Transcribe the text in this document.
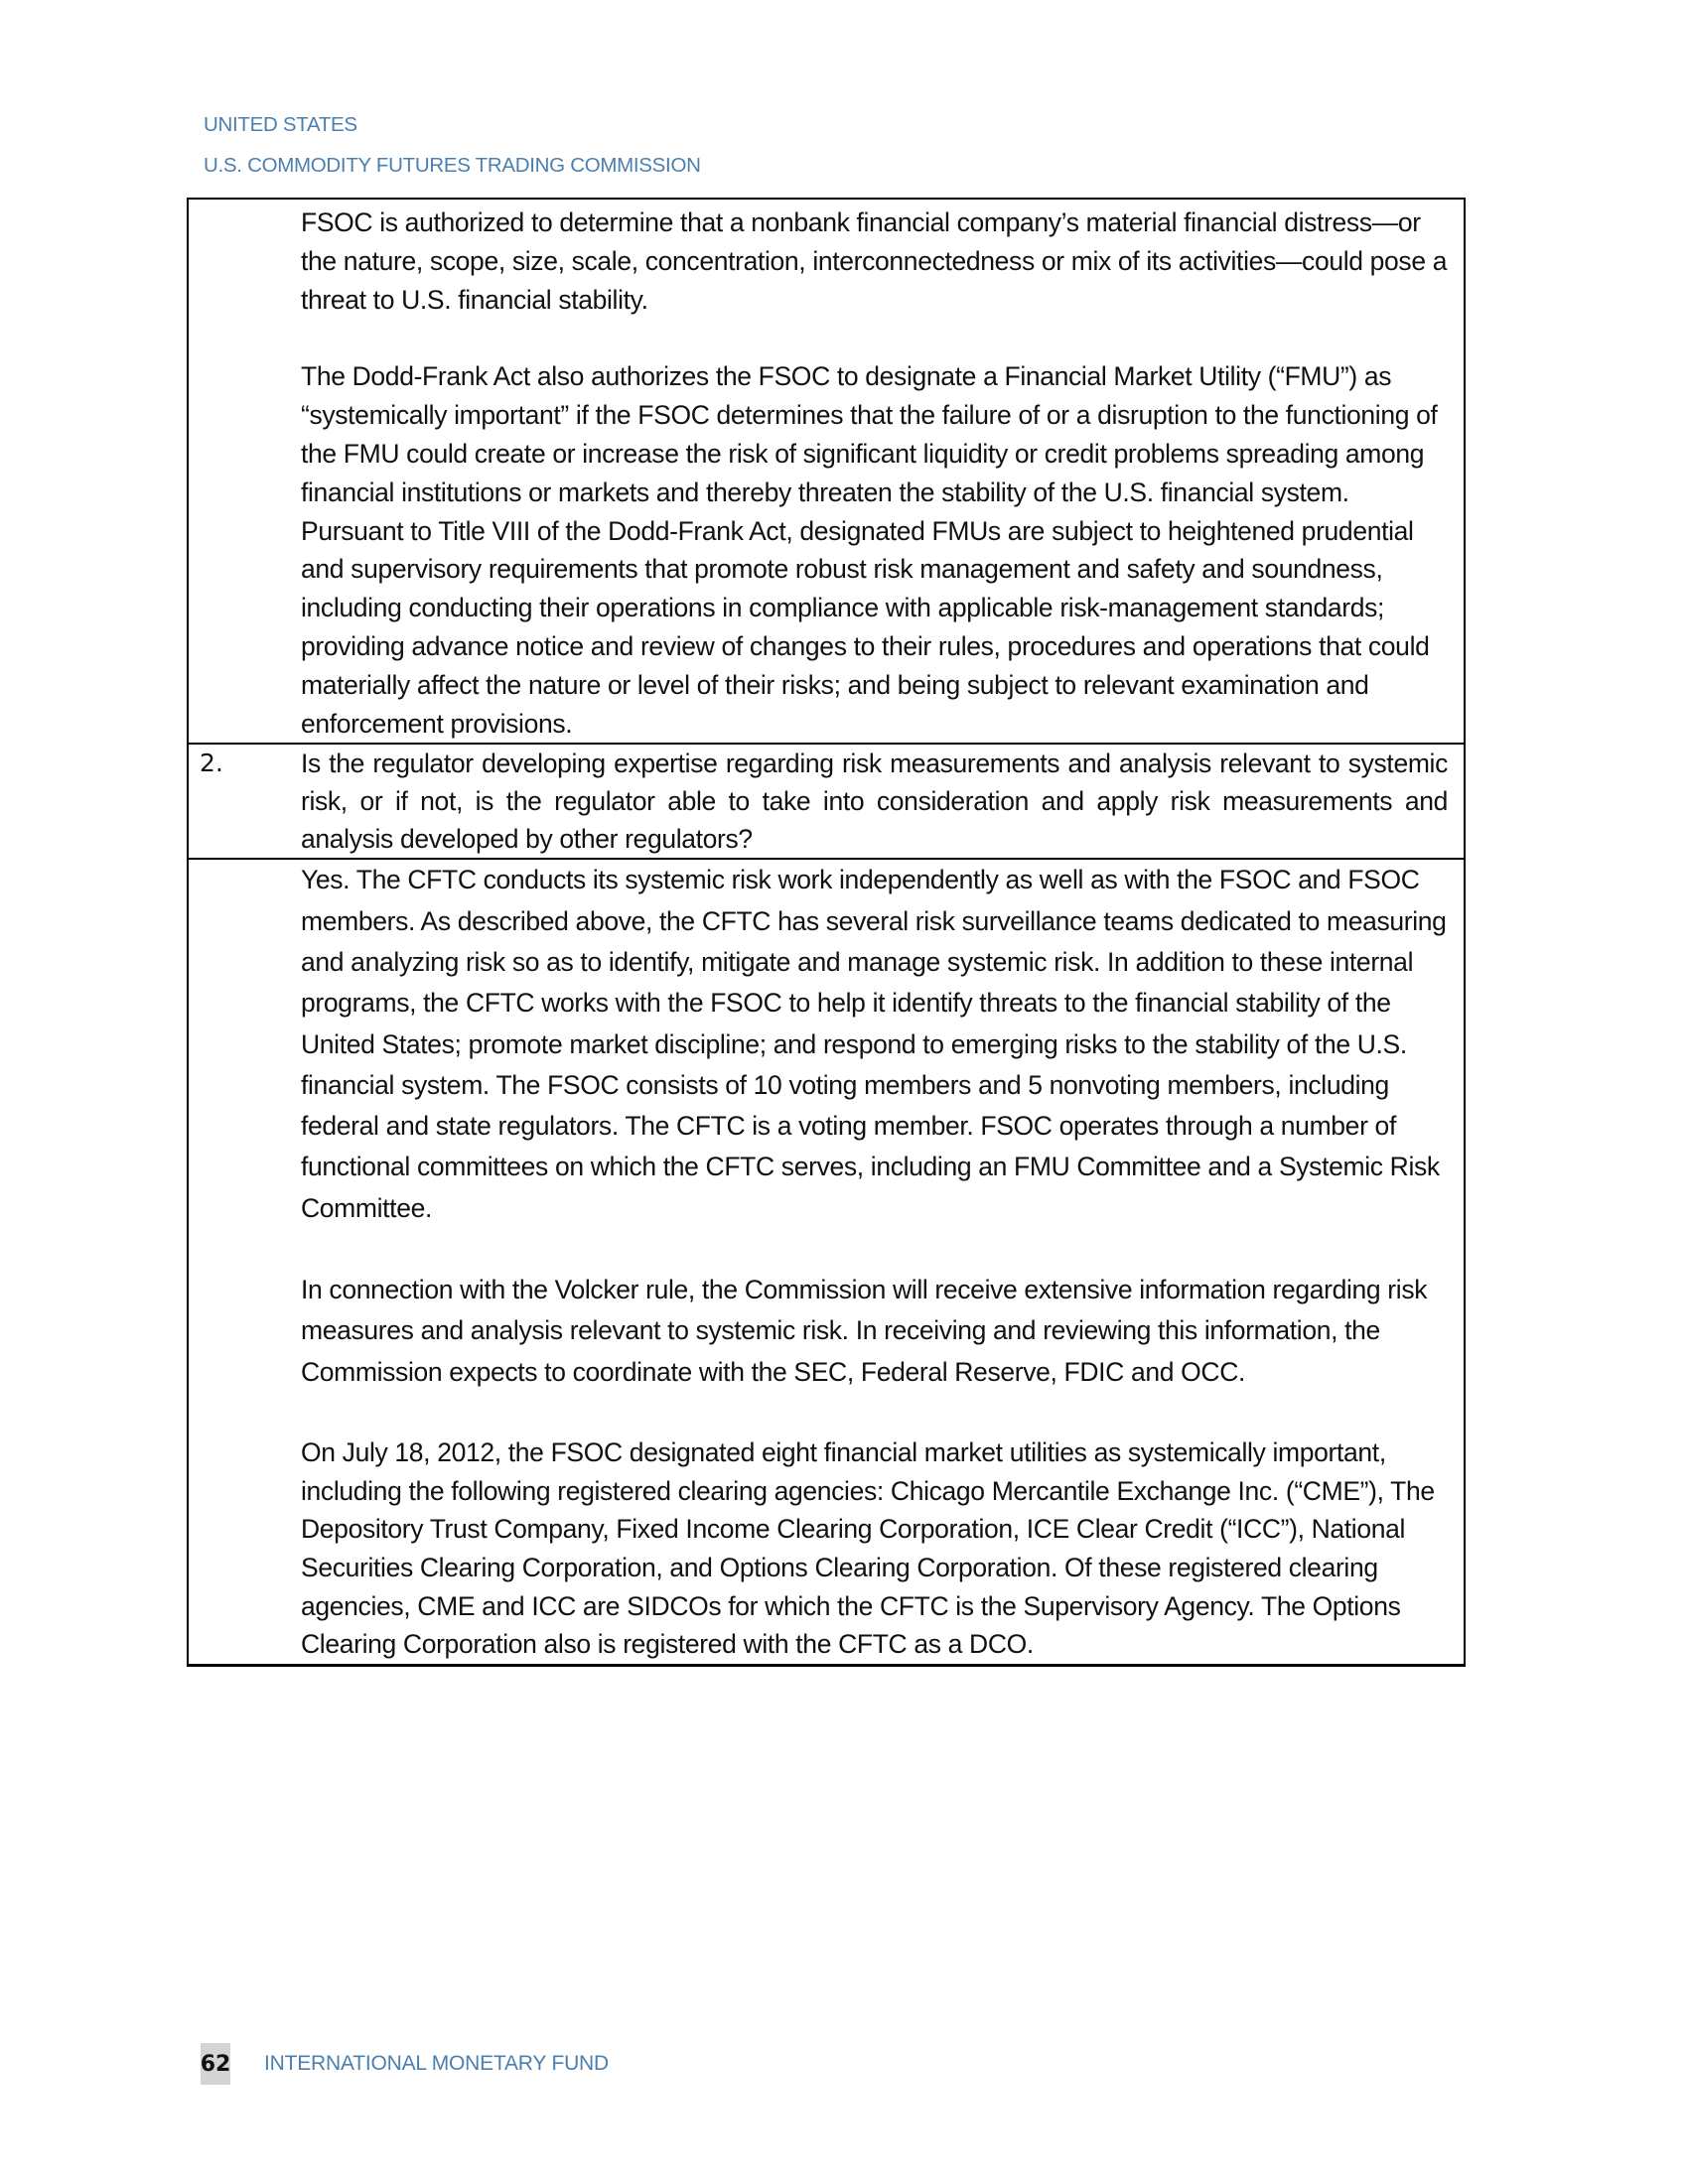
UNITED STATES
U.S. COMMODITY FUTURES TRADING COMMISSION

FSOC is authorized to determine that a nonbank financial company’s material financial distress—or the nature, scope, size, scale, concentration, interconnectedness or mix of its activities—could pose a threat to U.S. financial stability.

The Dodd-Frank Act also authorizes the FSOC to designate a Financial Market Utility (“FMU”) as “systemically important” if the FSOC determines that the failure of or a disruption to the functioning of the FMU could create or increase the risk of significant liquidity or credit problems spreading among financial institutions or markets and thereby threaten the stability of the U.S. financial system. Pursuant to Title VIII of the Dodd-Frank Act, designated FMUs are subject to heightened prudential and supervisory requirements that promote robust risk management and safety and soundness, including conducting their operations in compliance with applicable risk-management standards; providing advance notice and review of changes to their rules, procedures and operations that could materially affect the nature or level of their risks; and being subject to relevant examination and enforcement provisions.

2.	Is the regulator developing expertise regarding risk measurements and analysis relevant to systemic risk, or if not, is the regulator able to take into consideration and apply risk measurements and analysis developed by other regulators?

Yes. The CFTC conducts its systemic risk work independently as well as with the FSOC and FSOC members. As described above, the CFTC has several risk surveillance teams dedicated to measuring and analyzing risk so as to identify, mitigate and manage systemic risk. In addition to these internal programs, the CFTC works with the FSOC to help it identify threats to the financial stability of the United States; promote market discipline; and respond to emerging risks to the stability of the U.S. financial system. The FSOC consists of 10 voting members and 5 nonvoting members, including federal and state regulators. The CFTC is a voting member. FSOC operates through a number of functional committees on which the CFTC serves, including an FMU Committee and a Systemic Risk Committee.

In connection with the Volcker rule, the Commission will receive extensive information regarding risk measures and analysis relevant to systemic risk. In receiving and reviewing this information, the Commission expects to coordinate with the SEC, Federal Reserve, FDIC and OCC.

On July 18, 2012, the FSOC designated eight financial market utilities as systemically important, including the following registered clearing agencies: Chicago Mercantile Exchange Inc. (“CME”), The Depository Trust Company, Fixed Income Clearing Corporation, ICE Clear Credit (“ICC”), National Securities Clearing Corporation, and Options Clearing Corporation. Of these registered clearing agencies, CME and ICC are SIDCOs for which the CFTC is the Supervisory Agency. The Options Clearing Corporation also is registered with the CFTC as a DCO.

62 INTERNATIONAL MONETARY FUND
